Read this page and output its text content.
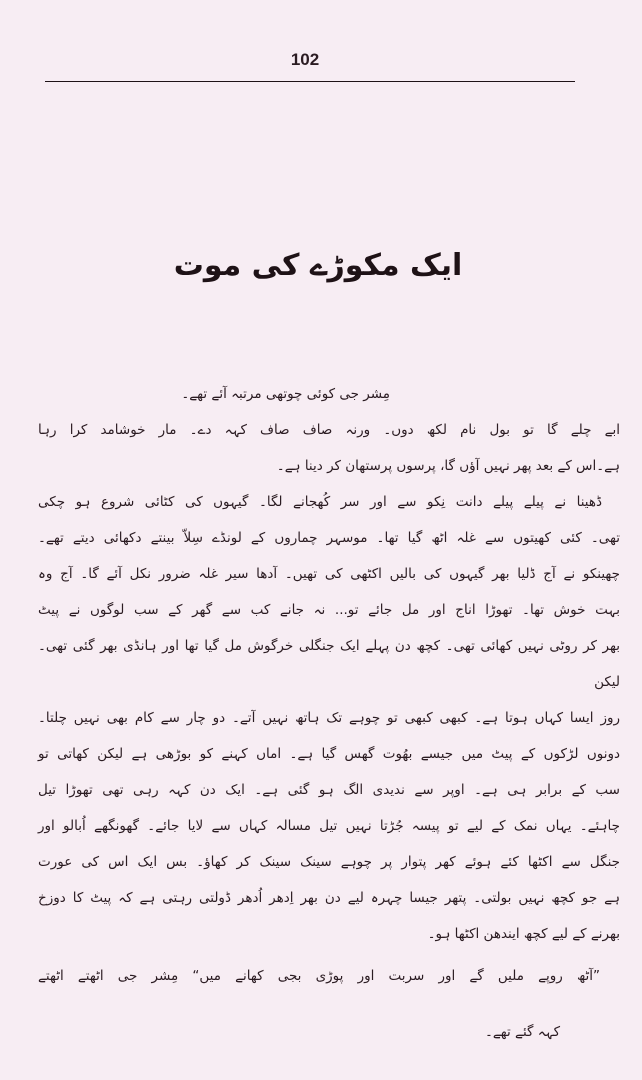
102
ایک مکوڑے کی موت
مِشر جی کوئی چوتھی مرتبہ آئے تھے۔
ابے چلے گا تو بول نام لکھ دوں۔ ورنہ صاف صاف کہہ دے۔ مار خوشامد کرا رہا
ہے۔اس کے بعد پھر نہیں آؤں گا، پرسوں پرستھان کر دینا ہے۔
ڈھینا نے پیلے پیلے دانت نِکو سے اور سر کُھجانے لگا۔ گیہوں کی کٹائی شروع ہو چکی
تھی۔ کئی کھیتوں سے غلہ اٹھ گیا تھا۔ موسہر چماروں کے لونڈے سِلاّ بینتے دکھائی دیتے تھے۔
چھینکو نے آج ڈلیا بھر گیہوں کی بالیں اکٹھی کی تھیں۔ آدھا سیر غلہ ضرور نکل آئے گا۔ آج وہ
بہت خوش تھا۔ تھوڑا اناج اور مل جائے تو... نہ جانے کب سے گھر کے سب لوگوں نے پیٹ
بھر کر روٹی نہیں کھائی تھی۔ کچھ دن پہلے ایک جنگلی خرگوش مل گیا تھا اور ہانڈی بھر گئی تھی۔ لیکن
روز ایسا کہاں ہوتا ہے۔ کبھی کبھی تو چوہے تک ہاتھ نہیں آتے۔ دو چار سے کام بھی نہیں چلتا۔
دونوں لڑکوں کے پیٹ میں جیسے بھُوت گھس گیا ہے۔ اماں کہنے کو بوڑھی ہے لیکن کھاتی تو
سب کے برابر ہی ہے۔ اوپر سے ندیدی الگ ہو گئی ہے۔ ایک دن کہہ رہی تھی تھوڑا تیل
چاہئے۔ یہاں نمک کے لیے تو پیسہ جُڑتا نہیں تیل مسالہ کہاں سے لایا جائے۔ گھونگھے اُبالو اور
جنگل سے اکٹھا کئے ہوئے کھر پتوار پر چوہے سینک سینک کر کھاؤ۔ بس ایک اس کی عورت
ہے جو کچھ نہیں بولتی۔ پتھر جیسا چہرہ لیے دن بھر اِدھر اُدھر ڈولتی رہتی ہے کہ پیٹ کا دوزخ
بھرنے کے لیے کچھ ایندھن اکٹھا ہو۔
”آٹھ روپے ملیں گے اور سربت اور پوڑی بجی کھانے میں“ مِشر جی اٹھتے اٹھتے
کہہ گئے تھے۔
